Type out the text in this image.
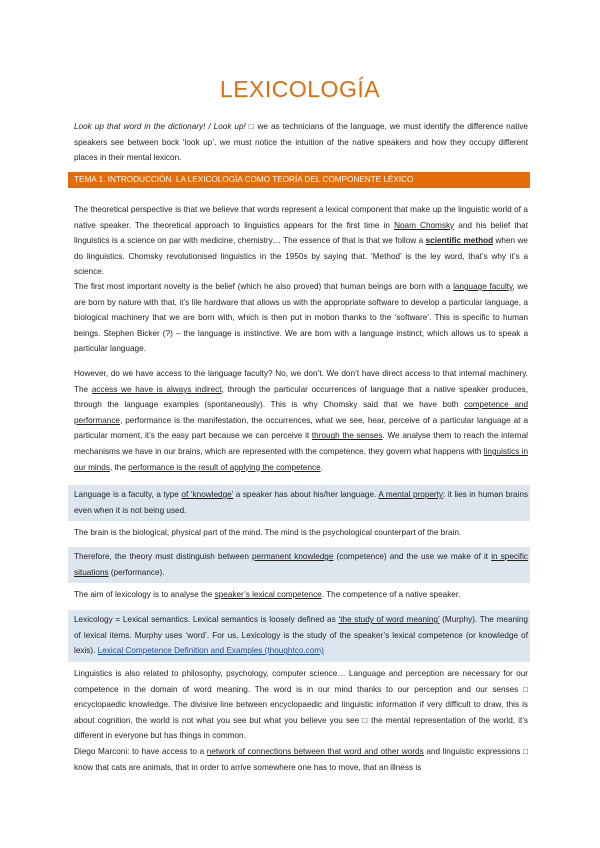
LEXICOLOGÍA
Look up that word in the dictionary! / Look up! □ we as technicians of the language, we must identify the difference native speakers see between bock ‘look up’, we must notice the intuition of the native speakers and how they occupy different places in their mental lexicon.
TEMA 1. INTRODUCCIÓN. LA LEXICOLOGÍA COMO TEORÍA DEL COMPONENTE LÉXICO

The theoretical perspective is that we believe that words represent a lexical component that make up the linguistic world of a native speaker. The theoretical approach to linguistics appears for the first time in Noam Chomsky and his belief that linguistics is a science on par with medicine, chemistry… The essence of that is that we follow a scientific method when we do linguistics. Chomsky revolutionised linguistics in the 1950s by saying that. ‘Method’ is the ley word, that’s why it’s a science.

The first most important novelty is the belief (which he also proved) that human beings are born with a language faculty, we are born by nature with that, it’s lile hardware that allows us with the appropriate software to develop a particular language, a biological machinery that we are born with, which is then put in motion thanks to the ‘software’. This is specific to human beings. Stephen Bicker (?) – the language is instinctive. We are born with a language instinct, which allows us to speak a particular language.

However, do we have access to the language faculty? No, we don’t. We don’t have direct access to that internal machinery. The access we have is always indirect, through the particular occurrences of language that a native speaker produces, through the language examples (spontaneously). This is why Chomsky said that we have both competence and performance, performance is the manifestation, the occurrences, what we see, hear, perceive of a particular language at a particular moment, it’s the easy part because we can perceive it through the senses. We analyse them to reach the internal mechanisms we have in our brains, which are represented with the competence, they govern what happens with linguistics in our minds, the performance is the result of applying the competence.

Language is a faculty, a type of ‘knowledge’ a speaker has about his/her language. A mental property: it lies in human brains even when it is not being used.

The brain is the biological, physical part of the mind. The mind is the psychological counterpart of the brain.

Therefore, the theory must distinguish between permanent knowledge (competence) and the use we make of it in specific situations (performance).

The aim of lexicology is to analyse the speaker’s lexical competence. The competence of a native speaker.

Lexicology = Lexical semantics. Lexical semantics is loosely defined as ‘the study of word meaning’ (Murphy). The meaning of lexical items. Murphy uses ‘word’. For us, Lexicology is the study of the speaker’s lexical competence (or knowledge of lexis). Lexical Competence Definition and Examples (thoughtco.com)

Linguistics is also related to philosophy, psychology, computer science… Language and perception are necessary for our competence in the domain of word meaning. The word is in our mind thanks to our perception and our senses □ encyclopaedic knowledge. The divisive line between encyclopaedic and linguistic information if very difficult to draw, this is about cognition, the world is not what you see but what you believe you see □ the mental representation of the world, it’s different in everyone but has things in common.

Diego Marconi: to have access to a network of connections between that word and other words and linguistic expressions □ know that cats are animals, that in order to arrive somewhere one has to move, that an illness is
